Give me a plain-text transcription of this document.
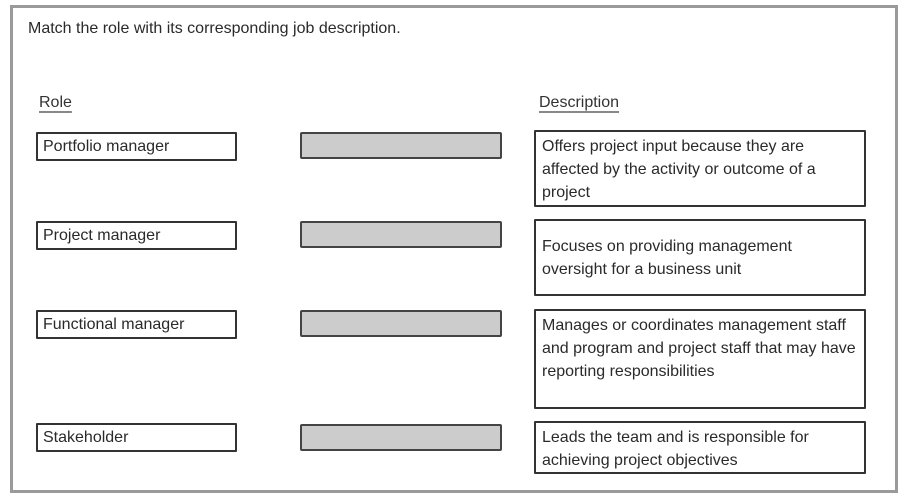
Match the role with its corresponding job description.
Role	Description
Portfolio manager
Project manager
Functional manager
Stakeholder
Offers project input because they are affected by the activity or outcome of a project
Focuses on providing management oversight for a business unit
Manages or coordinates management staff and program and project staff that may have reporting responsibilities
Leads the team and is responsible for achieving project objectives
